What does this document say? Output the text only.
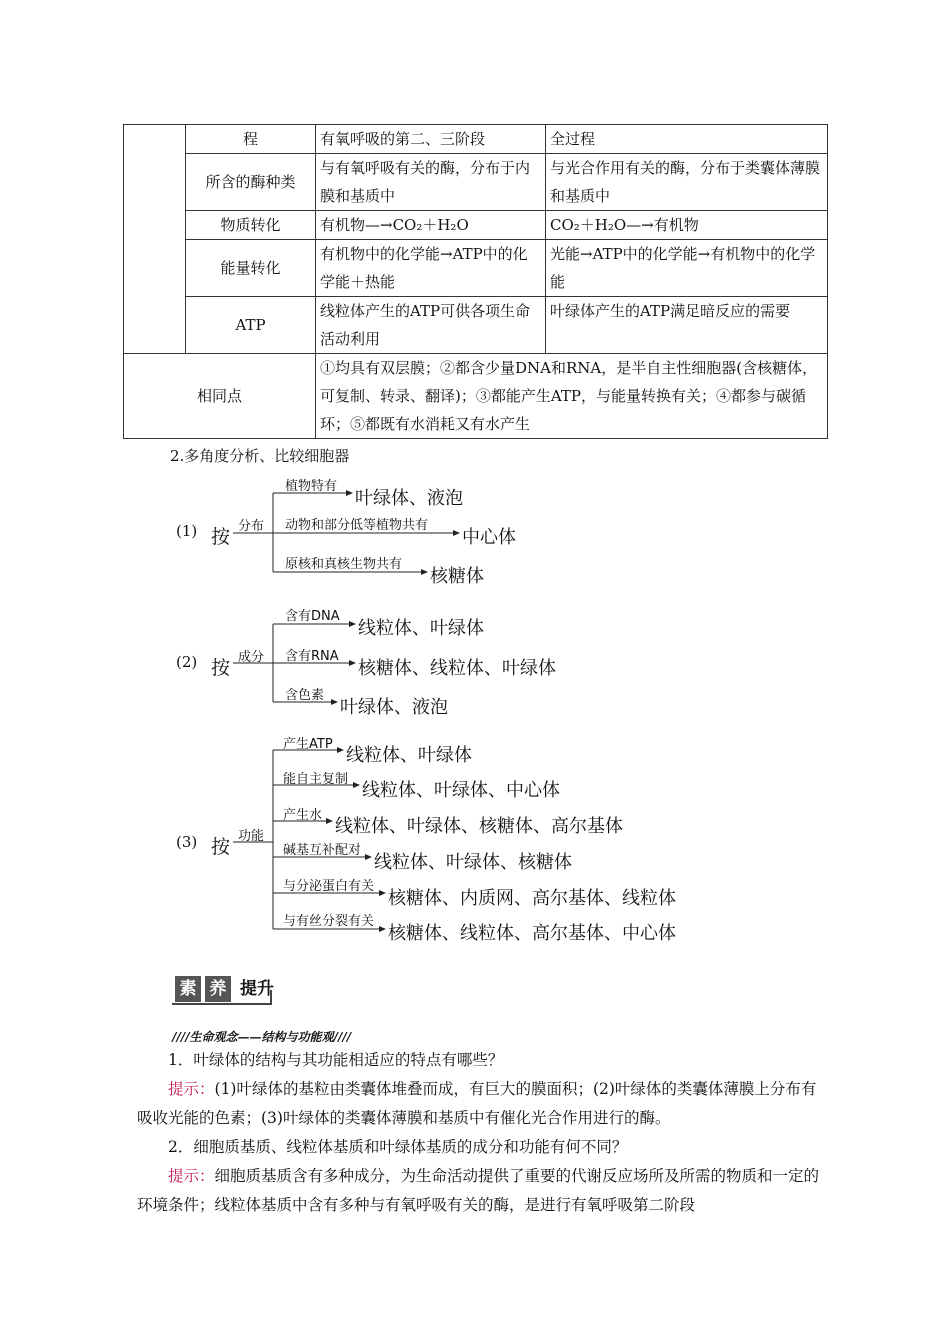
	程	有氧呼吸的第二、三阶段	全过程
	所含的酶种类	与有氧呼吸有关的酶，分布于内膜和基质中	与光合作用有关的酶，分布于类囊体薄膜和基质中
	物质转化	有机物—→CO₂＋H₂O	CO₂＋H₂O—→有机物
	能量转化	有机物中的化学能→ATP中的化学能＋热能	光能→ATP中的化学能→有机物中的化学能
	ATP	线粒体产生的ATP可供各项生命活动利用	叶绿体产生的ATP满足暗反应的需要
相同点		①均具有双层膜；②都含少量DNA和RNA，是半自主性细胞器(含核糖体，可复制、转录、翻译)；③都能产生ATP，与能量转换有关；④都参与碳循环；⑤都既有水消耗又有水产生	
2.多角度分析、比较细胞器
(1) 按 分布
植物特有
叶绿体、液泡
动物和部分低等植物共有
中心体
原核和真核生物共有
核糖体
(2) 按 成分
含有DNA
线粒体、叶绿体
含有RNA
核糖体、线粒体、叶绿体
含色素
叶绿体、液泡
(3) 按 功能
产生ATP
线粒体、叶绿体
能自主复制
线粒体、叶绿体、中心体
产生水
线粒体、叶绿体、核糖体、高尔基体
碱基互补配对
线粒体、叶绿体、核糖体
与分泌蛋白有关
核糖体、内质网、高尔基体、线粒体
与有丝分裂有关
核糖体、线粒体、高尔基体、中心体
素 养 提升
////生命观念——结构与功能观////

1．叶绿体的结构与其功能相适应的特点有哪些？

提示：(1)叶绿体的基粒由类囊体堆叠而成，有巨大的膜面积；(2)叶绿体的类囊体薄膜上分布有吸收光能的色素；(3)叶绿体的类囊体薄膜和基质中有催化光合作用进行的酶。

2．细胞质基质、线粒体基质和叶绿体基质的成分和功能有何不同？

提示：细胞质基质含有多种成分，为生命活动提供了重要的代谢反应场所及所需的物质和一定的环境条件；线粒体基质中含有多种与有氧呼吸有关的酶，是进行有氧呼吸第二阶段
